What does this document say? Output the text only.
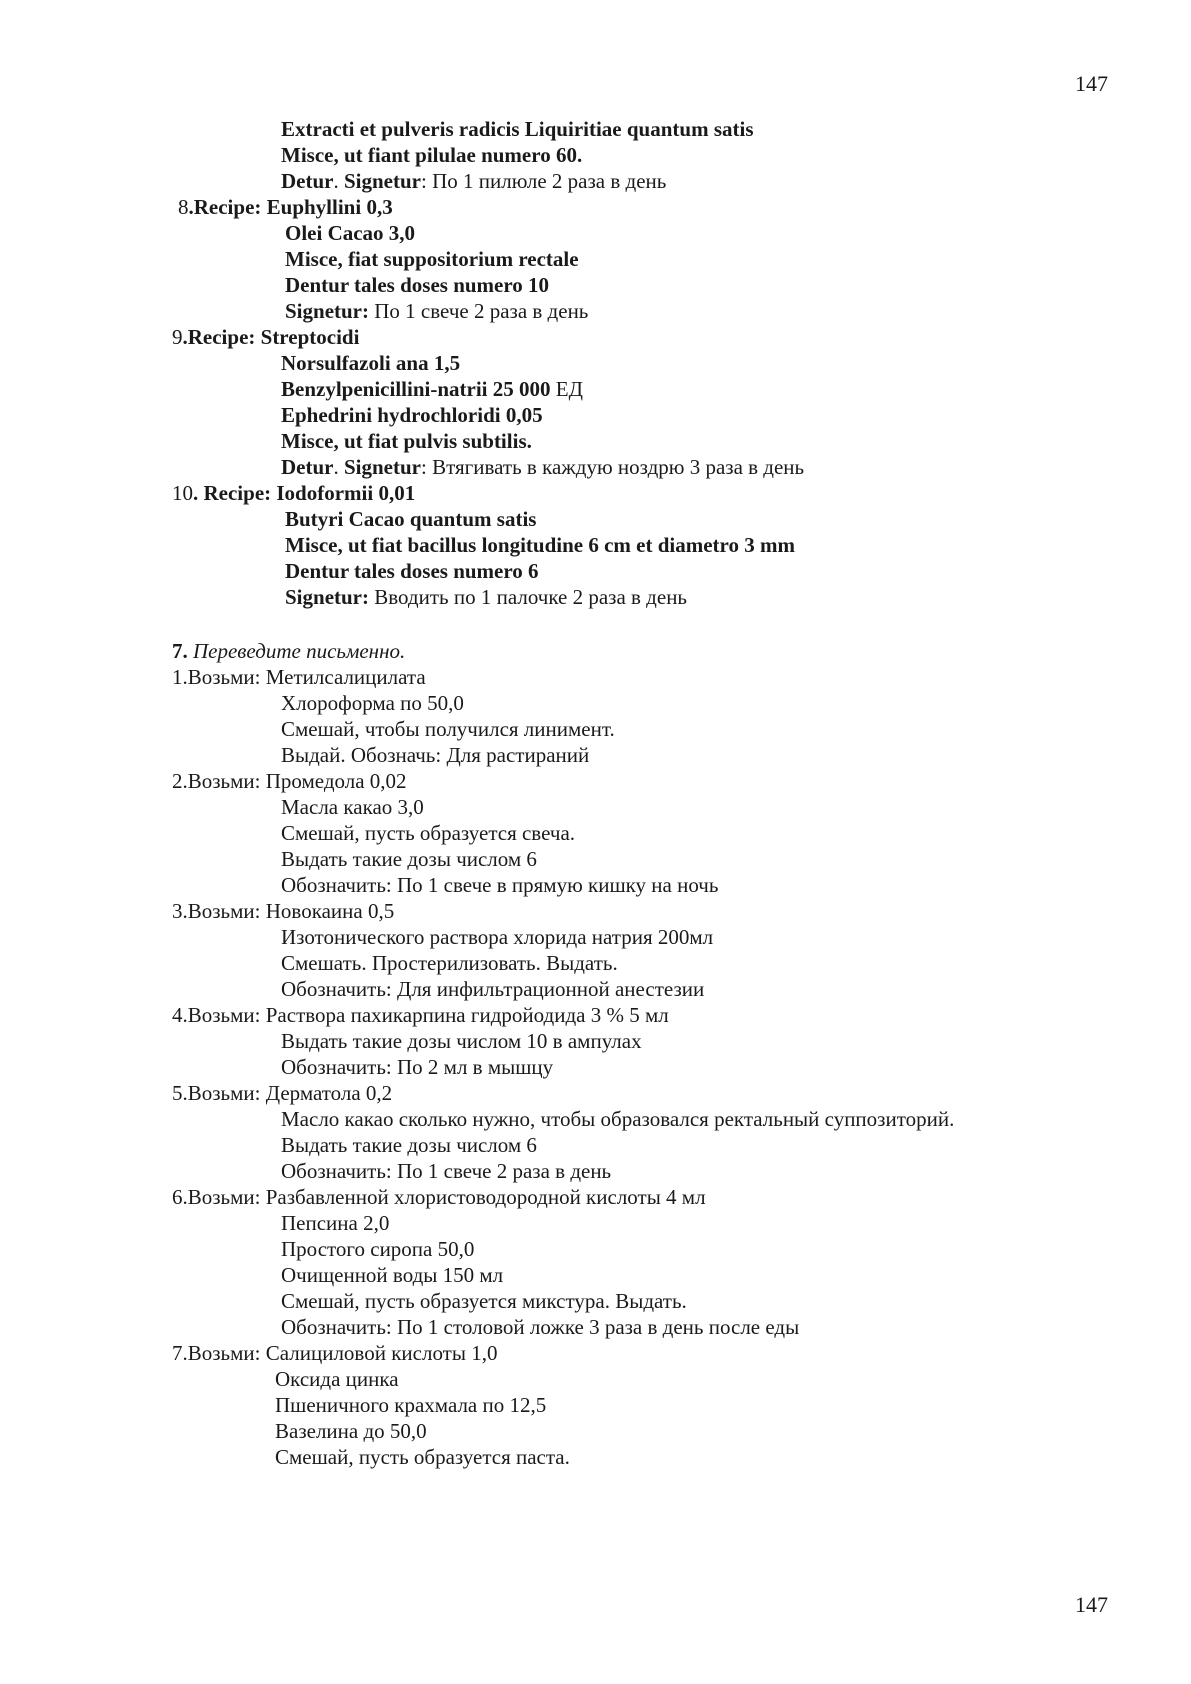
147
Extracti et pulveris radicis Liquiritiae quantum satis
Misce, ut fiant pilulae numero 60.
Detur. Signetur: По 1 пилюле 2 раза в день
8.Recipe: Euphyllini 0,3
Olei Cacao 3,0
Misce, fiat suppositorium rectale
Dentur tales doses numero 10
Signetur: По 1 свече 2 раза в день
9.Recipe: Streptocidi
Norsulfazoli ana 1,5
Benzylpenicillini-natrii 25 000 ЕД
Ephedrini hydrochloridi 0,05
Misce, ut fiat pulvis subtilis.
Detur. Signetur: Втягивать в каждую ноздрю 3 раза в день
10. Recipe: Iodoformii 0,01
Butyri Cacao quantum satis
Misce, ut fiat bacillus longitudine 6 cm et diametro 3 mm
Dentur tales doses numero 6
Signetur: Вводить по 1 палочке 2 раза в день
7. Переведите письменно.
1.Возьми: Метилсалицилата
Хлороформа по 50,0
Смешай, чтобы получился линимент.
Выдай. Обозначь: Для растираний
2.Возьми: Промедола 0,02
Масла какао 3,0
Смешай, пусть образуется свеча.
Выдать такие дозы числом 6
Обозначить: По 1 свече в прямую кишку на ночь
3.Возьми: Новокаина 0,5
Изотонического раствора хлорида натрия 200мл
Смешать. Простерилизовать. Выдать.
Обозначить: Для инфильтрационной анестезии
4.Возьми: Раствора пахикарпина гидройодида 3 % 5 мл
Выдать такие дозы числом 10 в ампулах
Обозначить: По 2 мл в мышцу
5.Возьми: Дерматола 0,2
Масло какао сколько нужно, чтобы образовался ректальный суппозиторий.
Выдать такие дозы числом 6
Обозначить: По 1 свече 2 раза в день
6.Возьми: Разбавленной хлористоводородной кислоты 4 мл
Пепсина 2,0
Простого сиропа 50,0
Очищенной воды 150 мл
Смешай, пусть образуется микстура. Выдать.
Обозначить: По 1 столовой ложке 3 раза в день после еды
7.Возьми: Салициловой кислоты 1,0
Оксида цинка
Пшеничного крахмала по 12,5
Вазелина до 50,0
Смешай, пусть образуется паста.
147
